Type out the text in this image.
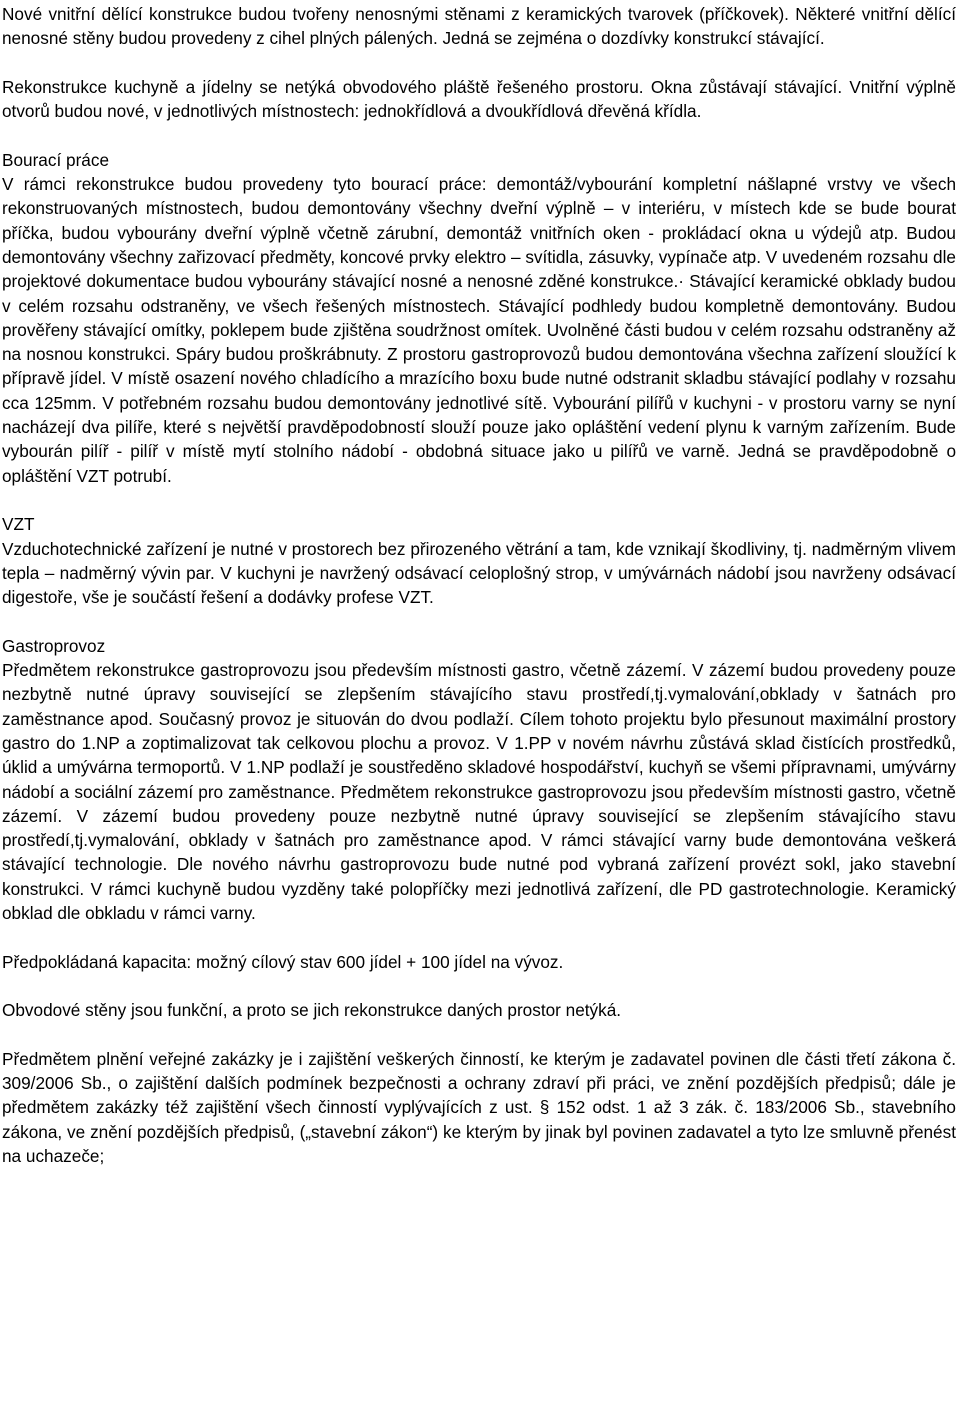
Nové vnitřní dělící konstrukce budou tvořeny nenosnými stěnami z keramických tvarovek (příčkovek). Některé vnitřní dělící nenosné stěny budou provedeny z cihel plných pálených. Jedná se zejména o dozdívky konstrukcí stávající.
Rekonstrukce kuchyně a jídelny se netýká obvodového pláště řešeného prostoru. Okna zůstávají stávající. Vnitřní výplně otvorů budou nové, v jednotlivých místnostech: jednokřídlová a dvoukřídlová dřevěná křídla.
Bourací práce
V rámci rekonstrukce budou provedeny tyto bourací práce: demontáž/vybourání kompletní nášlapné vrstvy ve všech rekonstruovaných místnostech, budou demontovány všechny dveřní výplně – v interiéru, v místech kde se bude bourat příčka, budou vybourány dveřní výplně včetně zárubní, demontáž vnitřních oken - prokládací okna u výdejů atp. Budou demontovány všechny zařizovací předměty, koncové prvky elektro – svítidla, zásuvky, vypínače atp. V uvedeném rozsahu dle projektové dokumentace budou vybourány stávající nosné a nenosné zděné konstrukce.· Stávající keramické obklady budou v celém rozsahu odstraněny, ve všech řešených místnostech. Stávající podhledy budou kompletně demontovány. Budou prověřeny stávající omítky, poklepem bude zjištěna soudržnost omítek. Uvolněné části budou v celém rozsahu odstraněny až na nosnou konstrukci. Spáry budou proškrábnuty. Z prostoru gastroprovozů budou demontována všechna zařízení sloužící k přípravě jídel. V místě osazení nového chladícího a mrazícího boxu bude nutné odstranit skladbu stávající podlahy v rozsahu cca 125mm. V potřebném rozsahu budou demontovány jednotlivé sítě. Vybourání pilířů v kuchyni - v prostoru varny se nyní nacházejí dva pilíře, které s největší pravděpodobností slouží pouze jako opláštění vedení plynu k varným zařízením. Bude vybourán pilíř - pilíř v místě mytí stolního nádobí - obdobná situace jako u pilířů ve varně. Jedná se pravděpodobně o opláštění VZT potrubí.
VZT
Vzduchotechnické zařízení je nutné v prostorech bez přirozeného větrání a tam, kde vznikají škodliviny, tj. nadměrným vlivem tepla – nadměrný vývin par. V kuchyni je navržený odsávací celoplošný strop, v umývárnách nádobí jsou navrženy odsávací digestoře, vše je součástí řešení a dodávky profese VZT.
Gastroprovoz
Předmětem rekonstrukce gastroprovozu jsou především místnosti gastro, včetně zázemí. V zázemí budou provedeny pouze nezbytně nutné úpravy související se zlepšením stávajícího stavu prostředí,tj.vymalování,obklady v šatnách pro zaměstnance apod. Současný provoz je situován do dvou podlaží. Cílem tohoto projektu bylo přesunout maximální prostory gastro do 1.NP a zoptimalizovat tak celkovou plochu a provoz. V 1.PP v novém návrhu zůstává sklad čistících prostředků, úklid a umývárna termoportů. V 1.NP podlaží je soustředěno skladové hospodářství, kuchyň se všemi přípravnami, umývárny nádobí a sociální zázemí pro zaměstnance. Předmětem rekonstrukce gastroprovozu jsou především místnosti gastro, včetně zázemí. V zázemí budou provedeny pouze nezbytně nutné úpravy související se zlepšením stávajícího stavu prostředí,tj.vymalování, obklady v šatnách pro zaměstnance apod. V rámci stávající varny bude demontována veškerá stávající technologie. Dle nového návrhu gastroprovozu bude nutné pod vybraná zařízení provézt sokl, jako stavební konstrukci. V rámci kuchyně budou vyzděny také polopříčky mezi jednotlivá zařízení, dle PD gastrotechnologie. Keramický obklad dle obkladu v rámci varny.
Předpokládaná kapacita: možný cílový stav 600 jídel + 100 jídel na vývoz.
Obvodové stěny jsou funkční, a proto se jich rekonstrukce daných prostor netýká.
Předmětem plnění veřejné zakázky je i zajištění veškerých činností, ke kterým je zadavatel povinen dle části třetí zákona č. 309/2006 Sb., o zajištění dalších podmínek bezpečnosti a ochrany zdraví při práci, ve znění pozdějších předpisů; dále je předmětem zakázky též zajištění všech činností vyplývajících z ust. § 152 odst. 1 až 3 zák. č. 183/2006 Sb., stavebního zákona, ve znění pozdějších předpisů, („stavební zákon“) ke kterým by jinak byl povinen zadavatel a tyto lze smluvně přenést na uchazeče;
